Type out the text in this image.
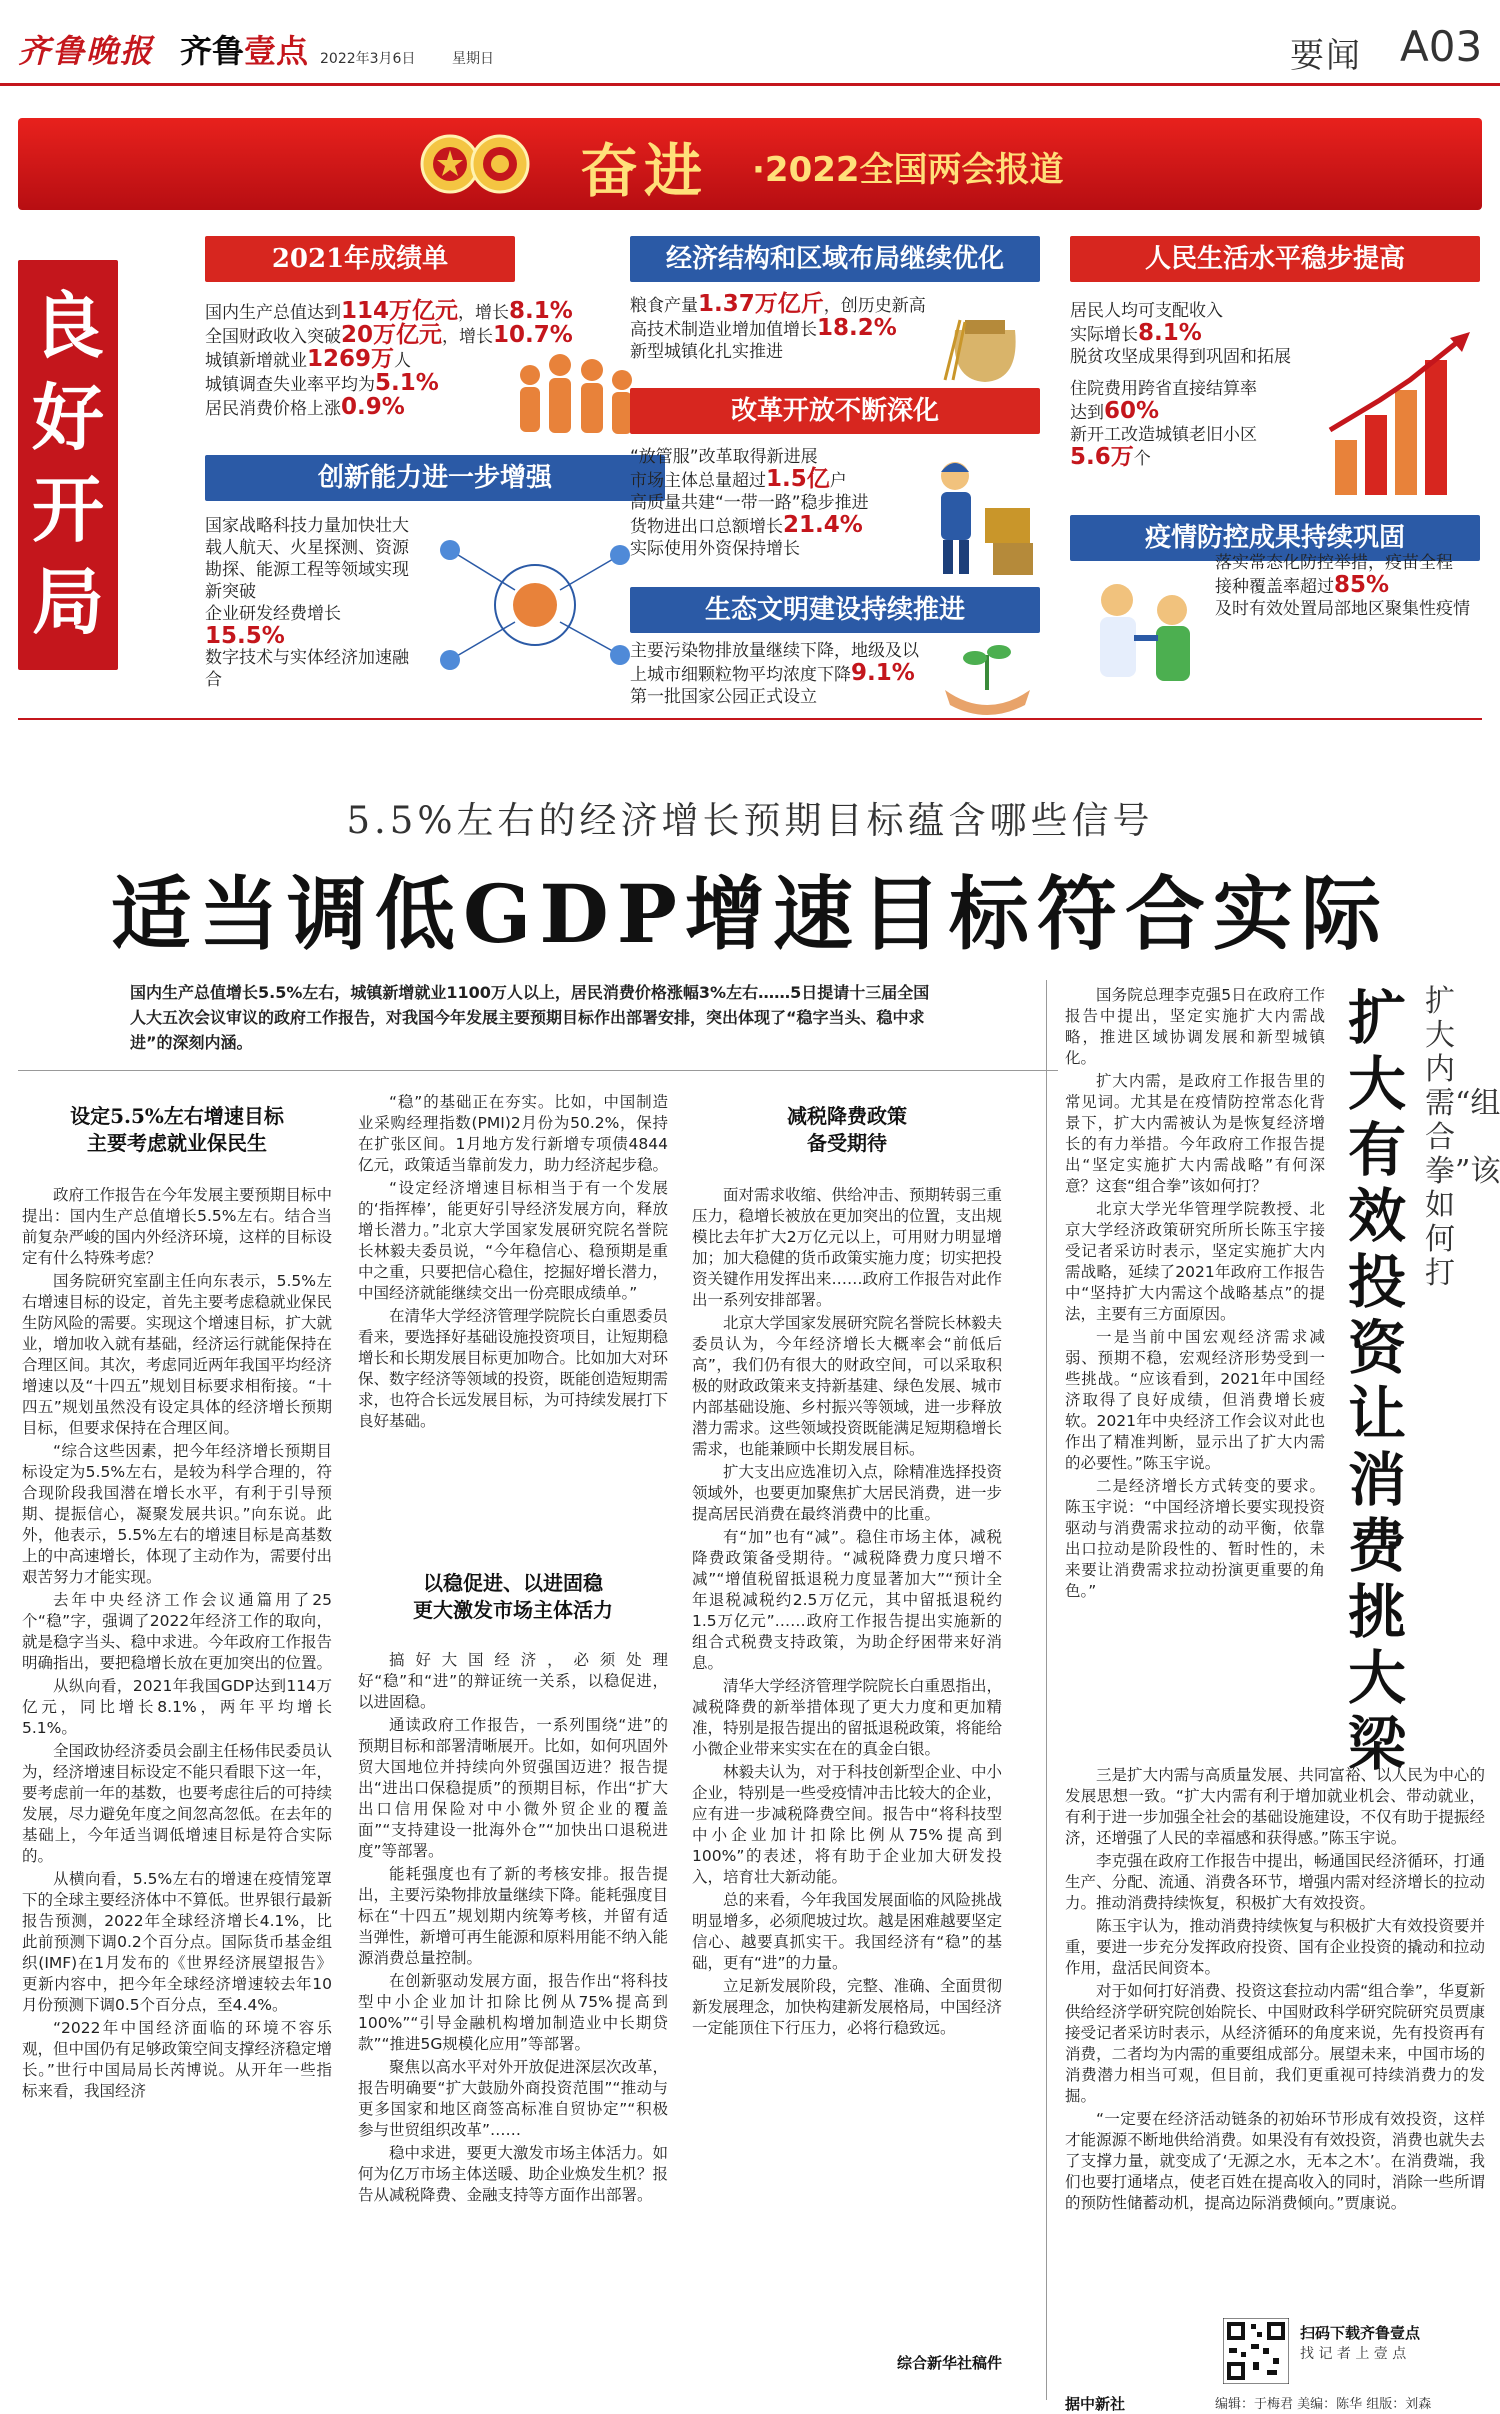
齐鲁晚报 齐鲁壹点 2022年3月6日	星期日	要闻 A03
奋进 ·2022全国两会报道
良好开局
2021年成绩单
国内生产总值达到114万亿元，增长8.1%
全国财政收入突破20万亿元，增长10.7%
城镇新增就业1269万人
城镇调查失业率平均为5.1%
居民消费价格上涨0.9%
创新能力进一步增强
国家战略科技力量加快壮大
载人航天、火星探测、资源勘探、能源工程等领域实现新突破
企业研发经费增长
15.5%
数字技术与实体经济加速融合
经济结构和区域布局继续优化
粮食产量1.37万亿斤，创历史新高
高技术制造业增加值增长18.2%
新型城镇化扎实推进
改革开放不断深化
“放管服”改革取得新进展
市场主体总量超过1.5亿户
高质量共建“一带一路”稳步推进
货物进出口总额增长21.4%
实际使用外资保持增长
生态文明建设持续推进
主要污染物排放量继续下降，地级及以
上城市细颗粒物平均浓度下降9.1%
第一批国家公园正式设立
人民生活水平稳步提高
居民人均可支配收入
实际增长8.1%
脱贫攻坚成果得到巩固和拓展
住院费用跨省直接结算率
达到60%
新开工改造城镇老旧小区
5.6万个
疫情防控成果持续巩固
落实常态化防控举措，疫苗全程
接种覆盖率超过85%
及时有效处置局部地区聚集性疫情
5.5%左右的经济增长预期目标蕴含哪些信号
适当调低GDP增速目标符合实际
国内生产总值增长5.5%左右，城镇新增就业1100万人以上，居民消费价格涨幅3%左右……5日提请十三届全国人大五次会议审议的政府工作报告，对我国今年发展主要预期目标作出部署安排，突出体现了“稳字当头、稳中求进”的深刻内涵。
设定5.5%左右增速目标
主要考虑就业保民生

政府工作报告在今年发展主要预期目标中提出：国内生产总值增长5.5%左右。结合当前复杂严峻的国内外经济环境，这样的目标设定有什么特殊考虑？

国务院研究室副主任向东表示，5.5%左右增速目标的设定，首先主要考虑稳就业保民生防风险的需要。实现这个增速目标，扩大就业，增加收入就有基础，经济运行就能保持在合理区间。其次，考虑同近两年我国平均经济增速以及“十四五”规划目标要求相衔接。“十四五”规划虽然没有设定具体的经济增长预期目标，但要求保持在合理区间。

“综合这些因素，把今年经济增长预期目标设定为5.5%左右，是较为科学合理的，符合现阶段我国潜在增长水平，有利于引导预期、提振信心，凝聚发展共识。”向东说。此外，他表示，5.5%左右的增速目标是高基数上的中高速增长，体现了主动作为，需要付出艰苦努力才能实现。

去年中央经济工作会议通篇用了25个“稳”字，强调了2022年经济工作的取向，就是稳字当头、稳中求进。今年政府工作报告明确指出，要把稳增长放在更加突出的位置。

从纵向看，2021年我国GDP达到114万亿元，同比增长8.1%，两年平均增长5.1%。

全国政协经济委员会副主任杨伟民委员认为，经济增速目标设定不能只看眼下这一年，要考虑前一年的基数，也要考虑往后的可持续发展，尽力避免年度之间忽高忽低。在去年的基础上，今年适当调低增速目标是符合实际的。

从横向看，5.5%左右的增速在疫情笼罩下的全球主要经济体中不算低。世界银行最新报告预测，2022年全球经济增长4.1%，比此前预测下调0.2个百分点。国际货币基金组织(IMF)在1月发布的《世界经济展望报告》更新内容中，把今年全球经济增速较去年10月份预测下调0.5个百分点，至4.4%。

“2022年中国经济面临的环境不容乐观，但中国仍有足够政策空间支撑经济稳定增长。”世行中国局局长芮博说。从开年一些指标来看，我国经济

“稳”的基础正在夯实。比如，中国制造业采购经理指数(PMI)2月份为50.2%，保持在扩张区间。1月地方发行新增专项债4844亿元，政策适当靠前发力，助力经济起步稳。

“设定经济增速目标相当于有一个发展的‘指挥棒’，能更好引导经济发展方向，释放增长潜力。”北京大学国家发展研究院名誉院长林毅夫委员说，“今年稳信心、稳预期是重中之重，只要把信心稳住，挖掘好增长潜力，中国经济就能继续交出一份亮眼成绩单。”

在清华大学经济管理学院院长白重恩委员看来，要选择好基础设施投资项目，让短期稳增长和长期发展目标更加吻合。比如加大对环保、数字经济等领域的投资，既能创造短期需求，也符合长远发展目标，为可持续发展打下良好基础。

以稳促进、以进固稳
更大激发市场主体活力

搞好大国经济，必须处理好“稳”和“进”的辩证统一关系，以稳促进，以进固稳。

通读政府工作报告，一系列围绕“进”的预期目标和部署清晰展开。比如，如何巩固外贸大国地位并持续向外贸强国迈进？报告提出“进出口保稳提质”的预期目标，作出“扩大出口信用保险对中小微外贸企业的覆盖面”“支持建设一批海外仓”“加快出口退税进度”等部署。

能耗强度也有了新的考核安排。报告提出，主要污染物排放量继续下降。能耗强度目标在“十四五”规划期内统筹考核，并留有适当弹性，新增可再生能源和原料用能不纳入能源消费总量控制。

在创新驱动发展方面，报告作出“将科技型中小企业加计扣除比例从75%提高到100%”“引导金融机构增加制造业中长期贷款”“推进5G规模化应用”等部署。

聚焦以高水平对外开放促进深层次改革，报告明确要“扩大鼓励外商投资范围”“推动与更多国家和地区商签高标准自贸协定”“积极参与世贸组织改革”……

稳中求进，要更大激发市场主体活力。如何为亿万市场主体送暖、助企业焕发生机？报告从减税降费、金融支持等方面作出部署。

减税降费政策
备受期待

面对需求收缩、供给冲击、预期转弱三重压力，稳增长被放在更加突出的位置，支出规模比去年扩大2万亿元以上，可用财力明显增加；加大稳健的货币政策实施力度；切实把投资关键作用发挥出来……政府工作报告对此作出一系列安排部署。

北京大学国家发展研究院名誉院长林毅夫委员认为，今年经济增长大概率会“前低后高”，我们仍有很大的财政空间，可以采取积极的财政政策来支持新基建、绿色发展、城市内部基础设施、乡村振兴等领域，进一步释放潜力需求。这些领域投资既能满足短期稳增长需求，也能兼顾中长期发展目标。

扩大支出应选准切入点，除精准选择投资领域外，也要更加聚焦扩大居民消费，进一步提高居民消费在最终消费中的比重。

有“加”也有“减”。稳住市场主体，减税降费政策备受期待。“减税降费力度只增不减”“增值税留抵退税力度显著加大”“预计全年退税减税约2.5万亿元，其中留抵退税约1.5万亿元”……政府工作报告提出实施新的组合式税费支持政策，为助企纾困带来好消息。

清华大学经济管理学院院长白重恩指出，减税降费的新举措体现了更大力度和更加精准，特别是报告提出的留抵退税政策，将能给小微企业带来实实在在的真金白银。

林毅夫认为，对于科技创新型企业、中小企业，特别是一些受疫情冲击比较大的企业，应有进一步减税降费空间。报告中“将科技型中小企业加计扣除比例从75%提高到100%”的表述，将有助于企业加大研发投入，培育壮大新动能。

总的来看，今年我国发展面临的风险挑战明显增多，必须爬坡过坎。越是困难越要坚定信心、越要真抓实干。我国经济有“稳”的基础，更有“进”的力量。

立足新发展阶段，完整、准确、全面贯彻新发展理念，加快构建新发展格局，中国经济一定能顶住下行压力，必将行稳致远。

综合新华社稿件
扩大内需“组合拳”该如何打
扩大有效投资 让消费挑大梁

国务院总理李克强5日在政府工作报告中提出，坚定实施扩大内需战略，推进区域协调发展和新型城镇化。

扩大内需，是政府工作报告里的常见词。尤其是在疫情防控常态化背景下，扩大内需被认为是恢复经济增长的有力举措。今年政府工作报告提出“坚定实施扩大内需战略”有何深意？这套“组合拳”该如何打？

北京大学光华管理学院教授、北京大学经济政策研究所所长陈玉宇接受记者采访时表示，坚定实施扩大内需战略，延续了2021年政府工作报告中“坚持扩大内需这个战略基点”的提法，主要有三方面原因。

一是当前中国宏观经济需求减弱、预期不稳，宏观经济形势受到一些挑战。“应该看到，2021年中国经济取得了良好成绩，但消费增长疲软。2021年中央经济工作会议对此也作出了精准判断，显示出了扩大内需的必要性。”陈玉宇说。

二是经济增长方式转变的要求。陈玉宇说：“中国经济增长要实现投资驱动与消费需求拉动的动平衡，依靠出口拉动是阶段性的、暂时性的，未来要让消费需求拉动扮演更重要的角色。”

三是扩大内需与高质量发展、共同富裕、以人民为中心的发展思想一致。“扩大内需有利于增加就业机会、带动就业，有利于进一步加强全社会的基础设施建设，不仅有助于提振经济，还增强了人民的幸福感和获得感。”陈玉宇说。

李克强在政府工作报告中提出，畅通国民经济循环，打通生产、分配、流通、消费各环节，增强内需对经济增长的拉动力。推动消费持续恢复，积极扩大有效投资。

陈玉宇认为，推动消费持续恢复与积极扩大有效投资要并重，要进一步充分发挥政府投资、国有企业投资的撬动和拉动作用，盘活民间资本。

对于如何打好消费、投资这套拉动内需“组合拳”，华夏新供给经济学研究院创始院长、中国财政科学研究院研究员贾康接受记者采访时表示，从经济循环的角度来说，先有投资再有消费，二者均为内需的重要组成部分。展望未来，中国市场的消费潜力相当可观，但目前，我们更重视可持续消费力的发掘。

“一定要在经济活动链条的初始环节形成有效投资，这样才能源源不断地供给消费。如果没有有效投资，消费也就失去了支撑力量，就变成了‘无源之水，无本之木’。在消费端，我们也要打通堵点，使老百姓在提高收入的同时，消除一些所谓的预防性储蓄动机，提高边际消费倾向。”贾康说。

扫码下载齐鲁壹点
找 记 者 上 壹 点
据中新社	编辑：于梅君 美编：陈华 组版：刘森
